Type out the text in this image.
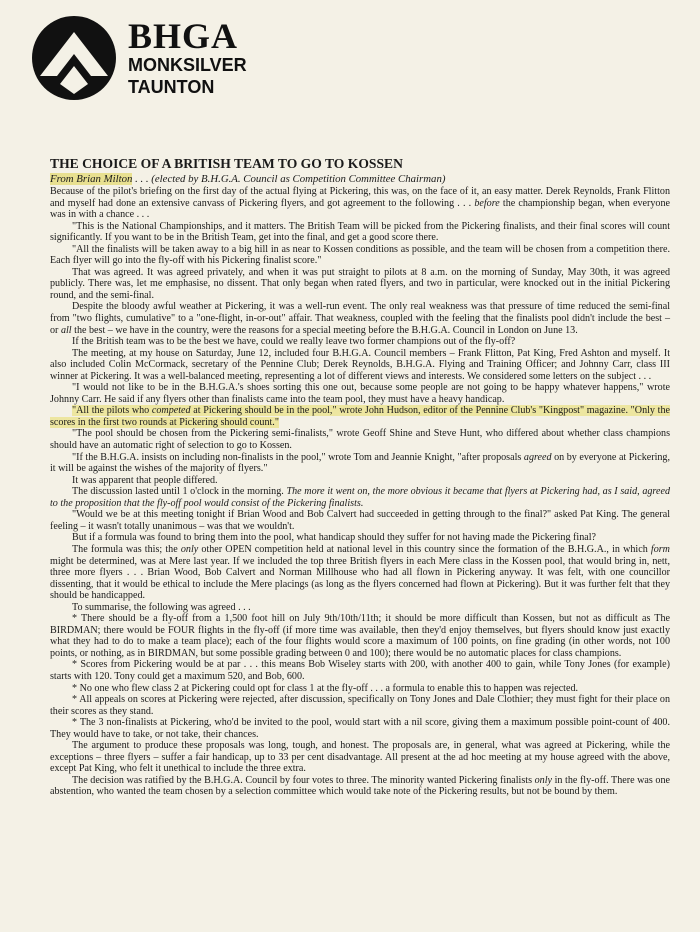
BHGA
MONKSILVER
TAUNTON
THE CHOICE OF A BRITISH TEAM TO GO TO KOSSEN
From Brian Milton . . . (elected by B.H.G.A. Council as Competition Committee Chairman)

Because of the pilot's briefing on the first day of the actual flying at Pickering, this was, on the face of it, an easy matter. Derek Reynolds, Frank Flitton and myself had done an extensive canvass of Pickering flyers, and got agreement to the following . . . before the championship began, when everyone was in with a chance . . .

"This is the National Championships, and it matters. The British Team will be picked from the Pickering finalists, and their final scores will count significantly. If you want to be in the British Team, get into the final, and get a good score there.

"All the finalists will be taken away to a big hill in as near to Kossen conditions as possible, and the team will be chosen from a competition there. Each flyer will go into the fly-off with his Pickering finalist score."

That was agreed. It was agreed privately, and when it was put straight to pilots at 8 a.m. on the morning of Sunday, May 30th, it was agreed publicly. There was, let me emphasise, no dissent. That only began when rated flyers, and two in particular, were knocked out in the initial Pickering round, and the semi-final.

Despite the bloody awful weather at Pickering, it was a well-run event. The only real weakness was that pressure of time reduced the semi-final from "two flights, cumulative" to a "one-flight, in-or-out" affair. That weakness, coupled with the feeling that the finalists pool didn't include the best – or all the best – we have in the country, were the reasons for a special meeting before the B.H.G.A. Council in London on June 13.

If the British team was to be the best we have, could we really leave two former champions out of the fly-off?

The meeting, at my house on Saturday, June 12, included four B.H.G.A. Council members – Frank Flitton, Pat King, Fred Ashton and myself. It also included Colin McCormack, secretary of the Pennine Club; Derek Reynolds, B.H.G.A. Flying and Training Officer; and Johnny Carr, class III winner at Pickering. It was a well-balanced meeting, representing a lot of different views and interests. We considered some letters on the subject . . .

"I would not like to be in the B.H.G.A.'s shoes sorting this one out, because some people are not going to be happy whatever happens," wrote Johnny Carr. He said if any flyers other than finalists came into the team pool, they must have a heavy handicap.

"All the pilots who competed at Pickering should be in the pool," wrote John Hudson, editor of the Pennine Club's "Kingpost" magazine. "Only the scores in the first two rounds at Pickering should count."

"The pool should be chosen from the Pickering semi-finalists," wrote Geoff Shine and Steve Hunt, who differed about whether class champions should have an automatic right of selection to go to Kossen.

"If the B.H.G.A. insists on including non-finalists in the pool," wrote Tom and Jeannie Knight, "after proposals agreed on by everyone at Pickering, it will be against the wishes of the majority of flyers."

It was apparent that people differed.

The discussion lasted until 1 o'clock in the morning. The more it went on, the more obvious it became that flyers at Pickering had, as I said, agreed to the proposition that the fly-off pool would consist of the Pickering finalists.

"Would we be at this meeting tonight if Brian Wood and Bob Calvert had succeeded in getting through to the final?" asked Pat King. The general feeling – it wasn't totally unanimous – was that we wouldn't.

But if a formula was found to bring them into the pool, what handicap should they suffer for not having made the Pickering final?

The formula was this; the only other OPEN competition held at national level in this country since the formation of the B.H.G.A., in which form might be determined, was at Mere last year. If we included the top three British flyers in each Mere class in the Kossen pool, that would bring in, nett, three more flyers . . . Brian Wood, Bob Calvert and Norman Millhouse who had all flown in Pickering anyway. It was felt, with one councillor dissenting, that it would be ethical to include the Mere placings (as long as the flyers concerned had flown at Pickering). But it was further felt that they should be handicapped.

To summarise, the following was agreed . . .

* There should be a fly-off from a 1,500 foot hill on July 9th/10th/11th; it should be more difficult than Kossen, but not as difficult as The BIRDMAN; there would be FOUR flights in the fly-off (if more time was available, then they'd enjoy themselves, but flyers should know just exactly what they had to do to make a team place); each of the four flights would score a maximum of 100 points, on fine grading (in other words, not 100 points, or nothing, as in BIRDMAN, but some possible grading between 0 and 100); there would be no automatic places for class champions.

* Scores from Pickering would be at par . . . this means Bob Wiseley starts with 200, with another 400 to gain, while Tony Jones (for example) starts with 120. Tony could get a maximum 520, and Bob, 600.

* No one who flew class 2 at Pickering could opt for class 1 at the fly-off . . . a formula to enable this to happen was rejected.

* All appeals on scores at Pickering were rejected, after discussion, specifically on Tony Jones and Dale Clothier; they must fight for their place on their scores as they stand.

* The 3 non-finalists at Pickering, who'd be invited to the pool, would start with a nil score, giving them a maximum possible point-count of 400. They would have to take, or not take, their chances.

The argument to produce these proposals was long, tough, and honest. The proposals are, in general, what was agreed at Pickering, while the exceptions – three flyers – suffer a fair handicap, up to 33 per cent disadvantage. All present at the ad hoc meeting at my house agreed with the above, except Pat King, who felt it unethical to include the three extra.

The decision was ratified by the B.H.G.A. Council by four votes to three. The minority wanted Pickering finalists only in the fly-off. There was one abstention, who wanted the team chosen by a selection committee which would take note of the Pickering results, but not be bound by them.
